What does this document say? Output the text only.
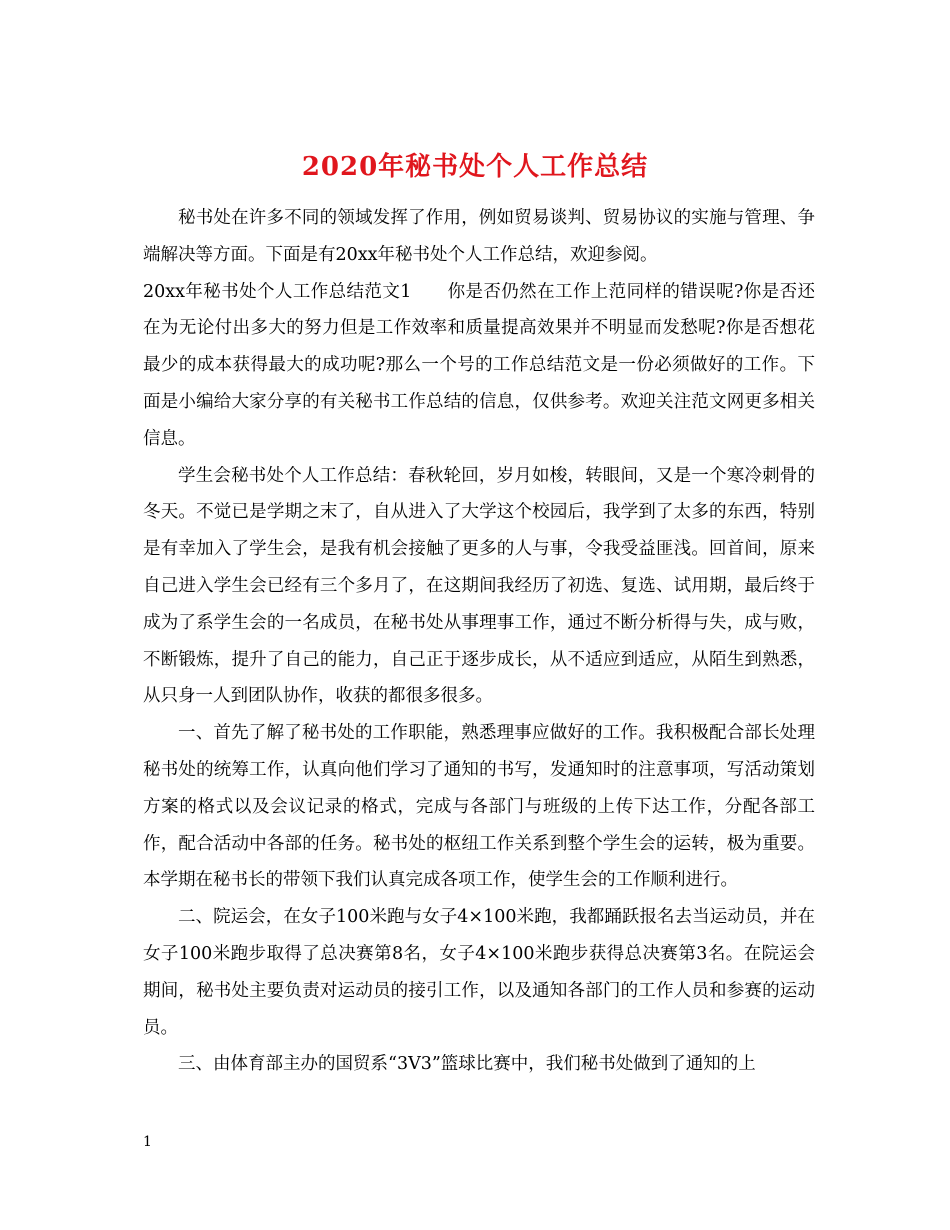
2020年秘书处个人工作总结

秘书处在许多不同的领域发挥了作用，例如贸易谈判、贸易协议的实施与管理、争端解决等方面。下面是有20xx年秘书处个人工作总结，欢迎参阅。

20xx年秘书处个人工作总结范文1　　你是否仍然在工作上范同样的错误呢?你是否还在为无论付出多大的努力但是工作效率和质量提高效果并不明显而发愁呢?你是否想花最少的成本获得最大的成功呢?那么一个号的工作总结范文是一份必须做好的工作。下面是小编给大家分享的有关秘书工作总结的信息，仅供参考。欢迎关注范文网更多相关信息。

学生会秘书处个人工作总结：春秋轮回，岁月如梭，转眼间，又是一个寒冷刺骨的冬天。不觉已是学期之末了，自从进入了大学这个校园后，我学到了太多的东西，特别是有幸加入了学生会，是我有机会接触了更多的人与事，令我受益匪浅。回首间，原来自己进入学生会已经有三个多月了，在这期间我经历了初选、复选、试用期，最后终于成为了系学生会的一名成员，在秘书处从事理事工作，通过不断分析得与失，成与败，不断锻炼，提升了自己的能力，自己正于逐步成长，从不适应到适应，从陌生到熟悉，从只身一人到团队协作，收获的都很多很多。

一、首先了解了秘书处的工作职能，熟悉理事应做好的工作。我积极配合部长处理秘书处的统筹工作，认真向他们学习了通知的书写，发通知时的注意事项，写活动策划方案的格式以及会议记录的格式，完成与各部门与班级的上传下达工作，分配各部工作，配合活动中各部的任务。秘书处的枢纽工作关系到整个学生会的运转，极为重要。本学期在秘书长的带领下我们认真完成各项工作，使学生会的工作顺利进行。

二、院运会，在女子100米跑与女子4×100米跑，我都踊跃报名去当运动员，并在女子100米跑步取得了总决赛第8名，女子4×100米跑步获得总决赛第3名。在院运会期间，秘书处主要负责对运动员的接引工作，以及通知各部门的工作人员和参赛的运动员。

三、由体育部主办的国贸系“3V3”篮球比赛中，我们秘书处做到了通知的上

1
